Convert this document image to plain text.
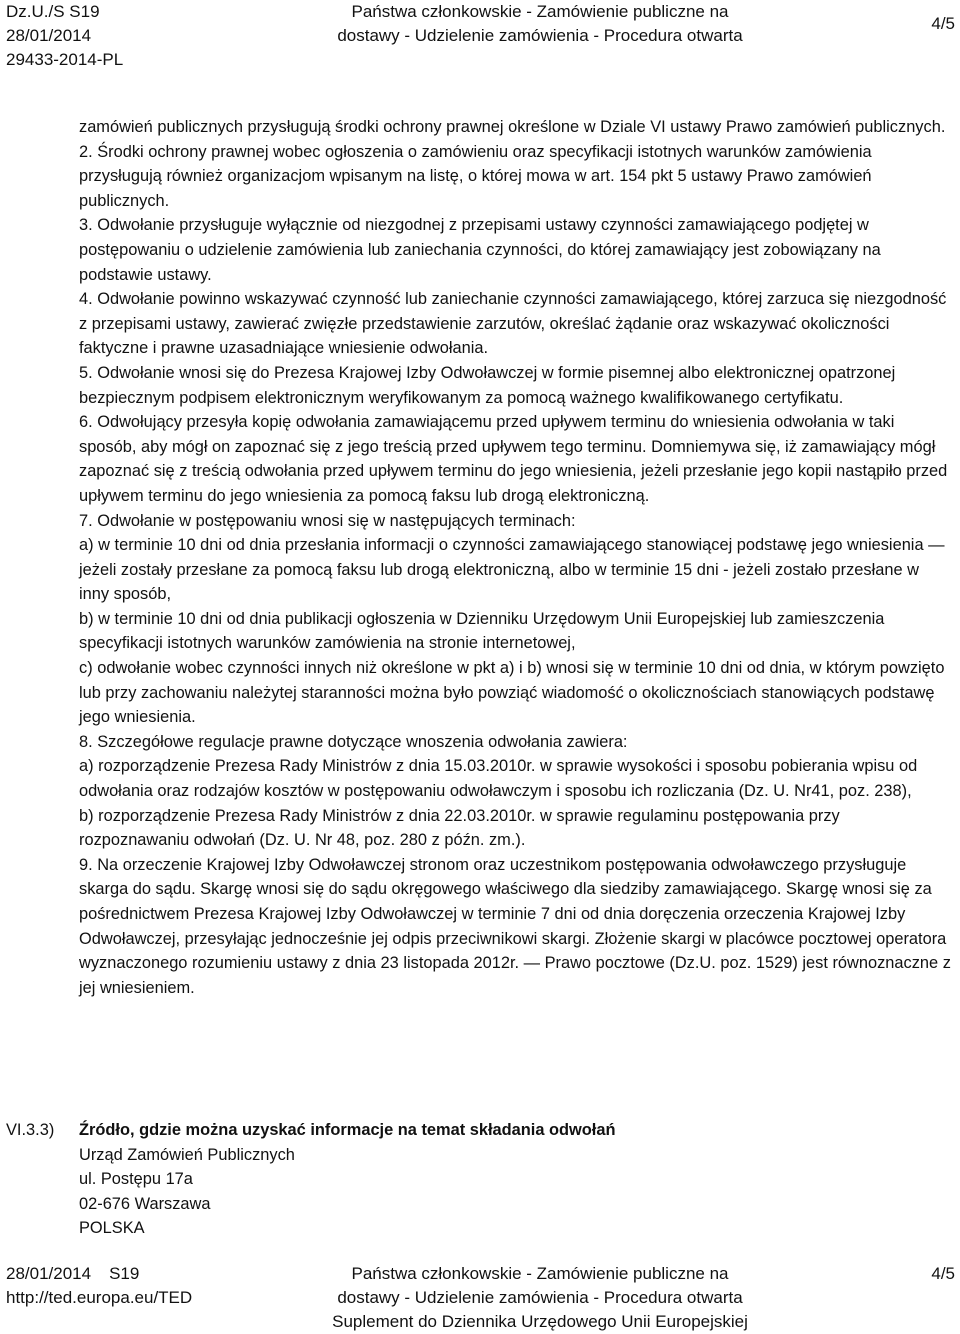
Dz.U./S S19
28/01/2014
29433-2014-PL
Państwa członkowskie - Zamówienie publiczne na
dostawy - Udzielenie zamówienia - Procedura otwarta
4/5

zamówień publicznych przysługują środki ochrony prawnej określone w Dziale VI ustawy Prawo zamówień publicznych.

2. Środki ochrony prawnej wobec ogłoszenia o zamówieniu oraz specyfikacji istotnych warunków zamówienia przysługują również organizacjom wpisanym na listę, o której mowa w art. 154 pkt 5 ustawy Prawo zamówień publicznych.

3. Odwołanie przysługuje wyłącznie od niezgodnej z przepisami ustawy czynności zamawiającego podjętej w postępowaniu o udzielenie zamówienia lub zaniechania czynności, do której zamawiający jest zobowiązany na podstawie ustawy.

4. Odwołanie powinno wskazywać czynność lub zaniechanie czynności zamawiającego, której zarzuca się niezgodność z przepisami ustawy, zawierać zwięzłe przedstawienie zarzutów, określać żądanie oraz wskazywać okoliczności faktyczne i prawne uzasadniające wniesienie odwołania.

5. Odwołanie wnosi się do Prezesa Krajowej Izby Odwoławczej w formie pisemnej albo elektronicznej opatrzonej bezpiecznym podpisem elektronicznym weryfikowanym za pomocą ważnego kwalifikowanego certyfikatu.

6. Odwołujący przesyła kopię odwołania zamawiającemu przed upływem terminu do wniesienia odwołania w taki sposób, aby mógł on zapoznać się z jego treścią przed upływem tego terminu. Domniemywa się, iż zamawiający mógł zapoznać się z treścią odwołania przed upływem terminu do jego wniesienia, jeżeli przesłanie jego kopii nastąpiło przed upływem terminu do jego wniesienia za pomocą faksu lub drogą elektroniczną.

7. Odwołanie w postępowaniu wnosi się w następujących terminach:

a) w terminie 10 dni od dnia przesłania informacji o czynności zamawiającego stanowiącej podstawę jego wniesienia — jeżeli zostały przesłane za pomocą faksu lub drogą elektroniczną, albo w terminie 15 dni - jeżeli zostało przesłane w inny sposób,

b) w terminie 10 dni od dnia publikacji ogłoszenia w Dzienniku Urzędowym Unii Europejskiej lub zamieszczenia specyfikacji istotnych warunków zamówienia na stronie internetowej,

c) odwołanie wobec czynności innych niż określone w pkt a) i b) wnosi się w terminie 10 dni od dnia, w którym powzięto lub przy zachowaniu należytej staranności można było powziąć wiadomość o okolicznościach stanowiących podstawę jego wniesienia.

8. Szczegółowe regulacje prawne dotyczące wnoszenia odwołania zawiera:

a) rozporządzenie Prezesa Rady Ministrów z dnia 15.03.2010r. w sprawie wysokości i sposobu pobierania wpisu od odwołania oraz rodzajów kosztów w postępowaniu odwoławczym i sposobu ich rozliczania (Dz. U. Nr41, poz. 238),

b) rozporządzenie Prezesa Rady Ministrów z dnia 22.03.2010r. w sprawie regulaminu postępowania przy rozpoznawaniu odwołań (Dz. U. Nr 48, poz. 280 z późn. zm.).

9. Na orzeczenie Krajowej Izby Odwoławczej stronom oraz uczestnikom postępowania odwoławczego przysługuje skarga do sądu. Skargę wnosi się do sądu okręgowego właściwego dla siedziby zamawiającego. Skargę wnosi się za pośrednictwem Prezesa Krajowej Izby Odwoławczej w terminie 7 dni od dnia doręczenia orzeczenia Krajowej Izby Odwoławczej, przesyłając jednocześnie jej odpis przeciwnikowi skargi. Złożenie skargi w placówce pocztowej operatora wyznaczonego rozumieniu ustawy z dnia 23 listopada 2012r. — Prawo pocztowe (Dz.U. poz. 1529) jest równoznaczne z jej wniesieniem.

VI.3.3) Źródło, gdzie można uzyskać informacje na temat składania odwołań
Urząd Zamówień Publicznych
ul. Postępu 17a
02-676 Warszawa
POLSKA
28/01/2014 S19
http://ted.europa.eu/TED
Państwa członkowskie - Zamówienie publiczne na
dostawy - Udzielenie zamówienia - Procedura otwarta
Suplement do Dziennika Urzędowego Unii Europejskiej
4/5
